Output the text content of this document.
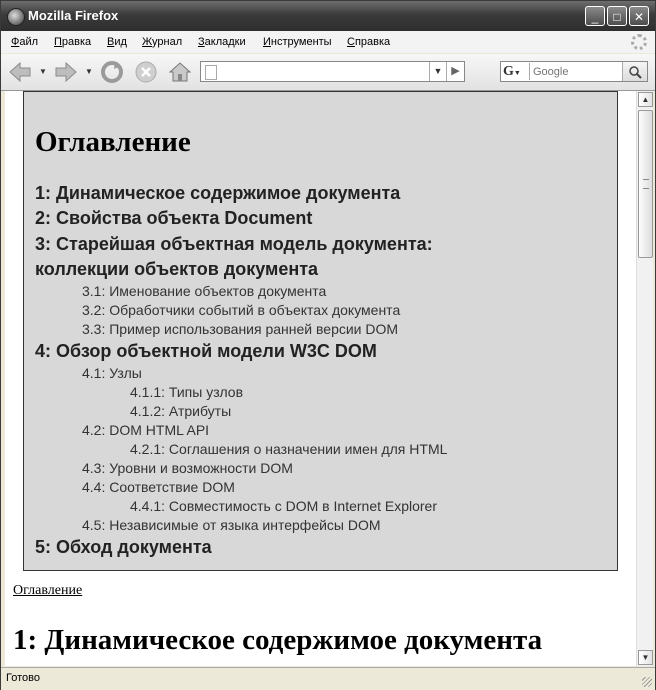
Mozilla Firefox	_	□	✕
Файл Правка Вид Журнал Закладки Инструменты Справка
▼	▼	▼ ▶	G▼
Google
Оглавление
1: Динамическое содержимое документа
2: Свойства объекта Document
3: Старейшая объектная модель документа:
коллекции объектов документа
3.1: Именование объектов документа
3.2: Обработчики событий в объектах документа
3.3: Пример использования ранней версии DOM
4: Обзор объектной модели W3C DOM
4.1: Узлы
4.1.1: Типы узлов
4.1.2: Атрибуты
4.2: DOM HTML API
4.2.1: Соглашения о назначении имен для HTML
4.3: Уровни и возможности DOM
4.4: Соответствие DOM
4.4.1: Совместимость с DOM в Internet Explorer
4.5: Независимые от языка интерфейсы DOM
5: Обход документа
Оглавление
1: Динамическое содержимое документа
▲
▼
Готово
